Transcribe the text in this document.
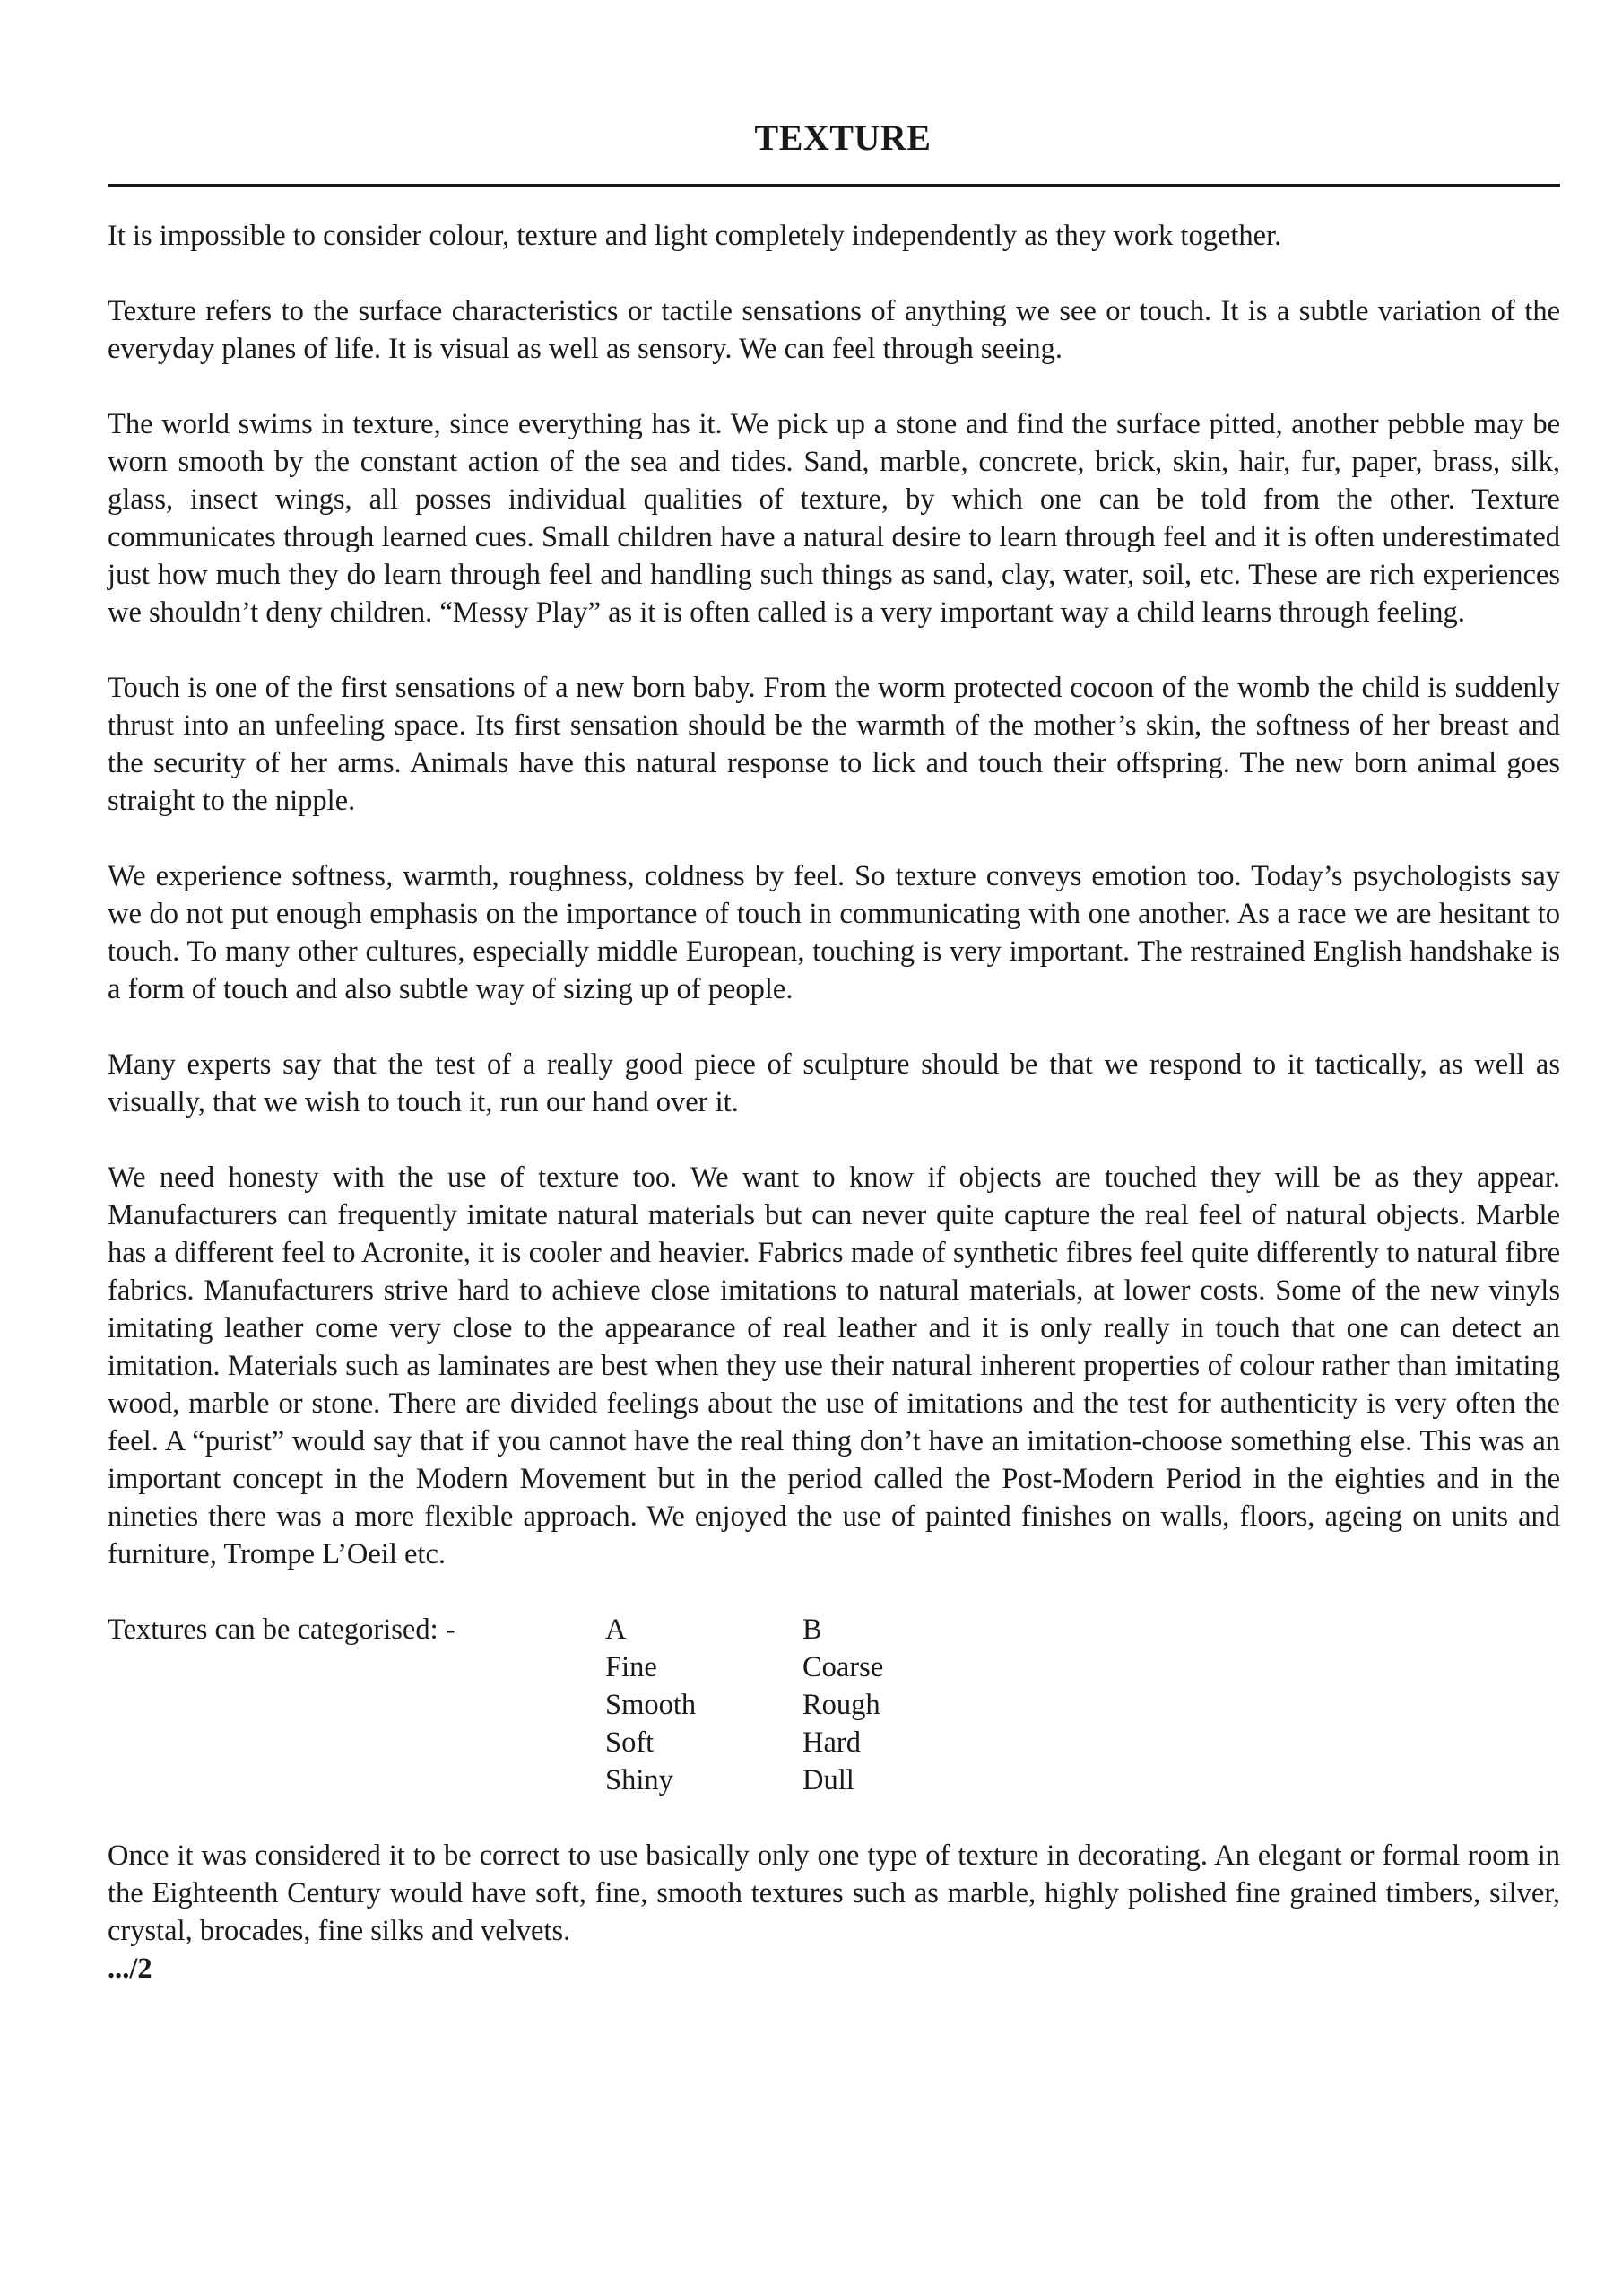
TEXTURE

It is impossible to consider colour, texture and light completely independently as they work together.

Texture refers to the surface characteristics or tactile sensations of anything we see or touch. It is a subtle variation of the everyday planes of life. It is visual as well as sensory. We can feel through seeing.

The world swims in texture, since everything has it. We pick up a stone and find the surface pitted, another pebble may be worn smooth by the constant action of the sea and tides. Sand, marble, concrete, brick, skin, hair, fur, paper, brass, silk, glass, insect wings, all posses individual qualities of texture, by which one can be told from the other. Texture communicates through learned cues. Small children have a natural desire to learn through feel and it is often underestimated just how much they do learn through feel and handling such things as sand, clay, water, soil, etc. These are rich experiences we shouldn’t deny children. “Messy Play” as it is often called is a very important way a child learns through feeling.

Touch is one of the first sensations of a new born baby. From the worm protected cocoon of the womb the child is suddenly thrust into an unfeeling space. Its first sensation should be the warmth of the mother’s skin, the softness of her breast and the security of her arms. Animals have this natural response to lick and touch their offspring. The new born animal goes straight to the nipple.

We experience softness, warmth, roughness, coldness by feel. So texture conveys emotion too. Today’s psychologists say we do not put enough emphasis on the importance of touch in communicating with one another. As a race we are hesitant to touch. To many other cultures, especially middle European, touching is very important. The restrained English handshake is a form of touch and also subtle way of sizing up of people.

Many experts say that the test of a really good piece of sculpture should be that we respond to it tactically, as well as visually, that we wish to touch it, run our hand over it.

We need honesty with the use of texture too. We want to know if objects are touched they will be as they appear. Manufacturers can frequently imitate natural materials but can never quite capture the real feel of natural objects. Marble has a different feel to Acronite, it is cooler and heavier. Fabrics made of synthetic fibres feel quite differently to natural fibre fabrics. Manufacturers strive hard to achieve close imitations to natural materials, at lower costs. Some of the new vinyls imitating leather come very close to the appearance of real leather and it is only really in touch that one can detect an imitation. Materials such as laminates are best when they use their natural inherent properties of colour rather than imitating wood, marble or stone. There are divided feelings about the use of imitations and the test for authenticity is very often the feel. A “purist” would say that if you cannot have the real thing don’t have an imitation-choose something else. This was an important concept in the Modern Movement but in the period called the Post-Modern Period in the eighties and in the nineties there was a more flexible approach. We enjoyed the use of painted finishes on walls, floors, ageing on units and furniture, Trompe L’Oeil etc.

Textures can be categorised: -	A
Fine
Smooth
Soft
Shiny
B
Coarse
Rough
Hard
Dull

Once it was considered it to be correct to use basically only one type of texture in decorating. An elegant or formal room in the Eighteenth Century would have soft, fine, smooth textures such as marble, highly polished fine grained timbers, silver, crystal, brocades, fine silks and velvets.

.../2
